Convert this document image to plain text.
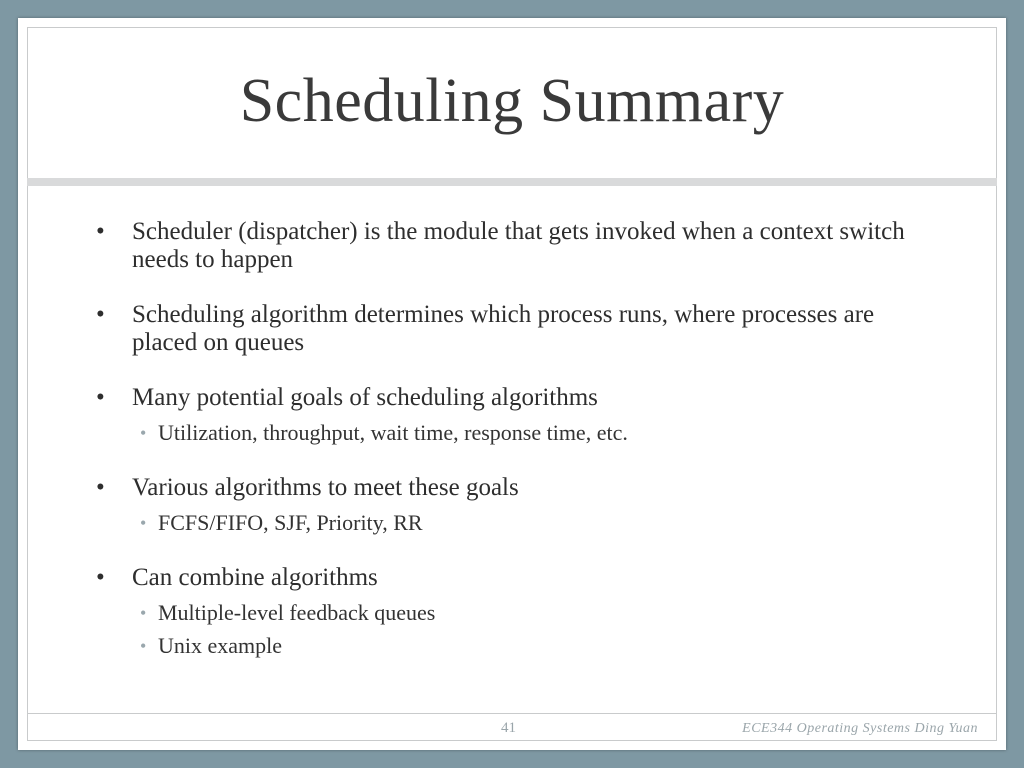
Scheduling Summary
• Scheduler (dispatcher) is the module that gets invoked when a context switch needs to happen
• Scheduling algorithm determines which process runs, where processes are placed on queues
• Many potential goals of scheduling algorithms
• Utilization, throughput, wait time, response time, etc.
• Various algorithms to meet these goals
• FCFS/FIFO, SJF, Priority, RR
• Can combine algorithms
• Multiple-level feedback queues
• Unix example
41	ECE344 Operating Systems Ding Yuan
